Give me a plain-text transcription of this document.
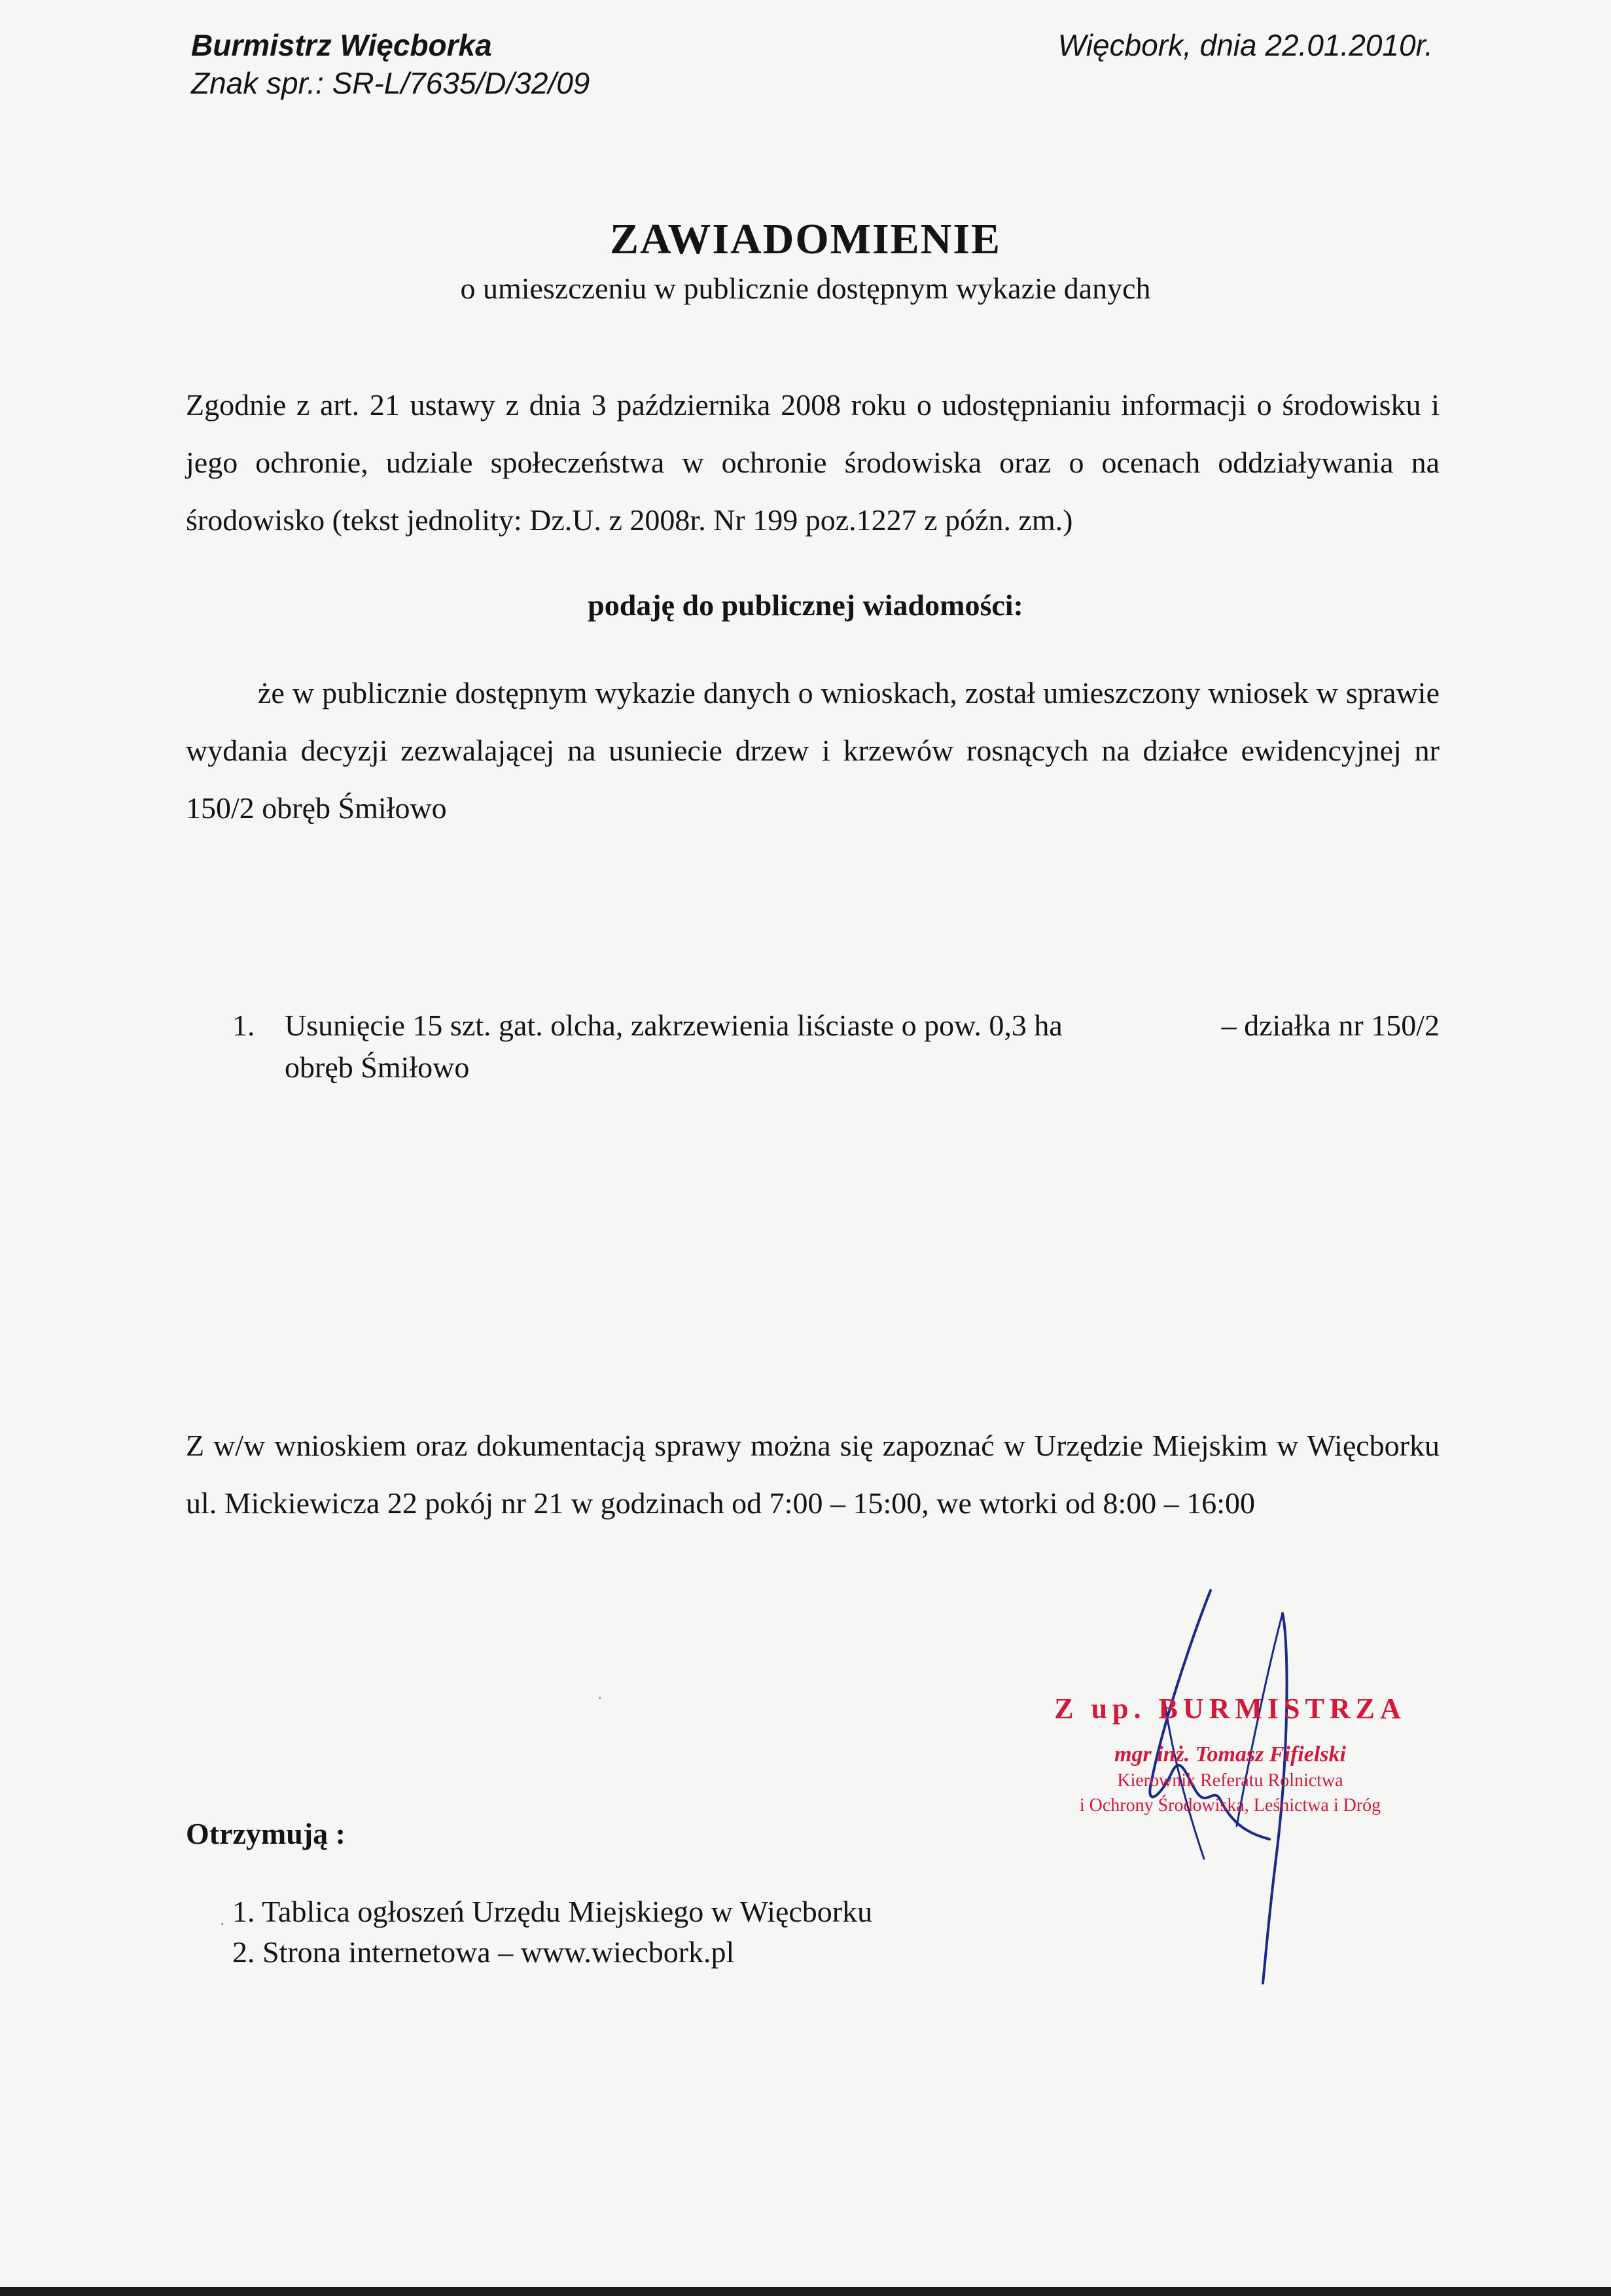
Burmistrz Więcborka
Znak spr.: SR-L/7635/D/32/09
Więcbork, dnia 22.01.2010r.
ZAWIADOMIENIE
o umieszczeniu w publicznie dostępnym wykazie danych

Zgodnie z art. 21 ustawy z dnia 3 października 2008 roku o udostępnianiu informacji o środowisku i jego ochronie, udziale społeczeństwa w ochronie środowiska oraz o ocenach oddziaływania na środowisko (tekst jednolity: Dz.U. z 2008r. Nr 199 poz.1227 z późn. zm.)

podaję do publicznej wiadomości:

że w publicznie dostępnym wykazie danych o wnioskach, został umieszczony wniosek w sprawie wydania decyzji zezwalającej na usuniecie drzew i krzewów rosnących na działce ewidencyjnej nr 150/2 obręb Śmiłowo

1. Usunięcie 15 szt. gat. olcha, zakrzewienia liściaste o pow. 0,3 ha	– działka nr 150/2
obręb Śmiłowo

Z w/w wnioskiem oraz dokumentacją sprawy można się zapoznać w Urzędzie Miejskim w Więcborku ul. Mickiewicza 22 pokój nr 21 w godzinach od 7:00 – 15:00, we wtorki od 8:00 – 16:00

Z up. BURMISTRZA
mgr inż. Tomasz Fifielski
Kierownik Referatu Rolnictwa
i Ochrony Środowiska, Leśnictwa i Dróg
Otrzymują :
1. Tablica ogłoszeń Urzędu Miejskiego w Więcborku
2. Strona internetowa – www.wiecbork.pl
·
·
